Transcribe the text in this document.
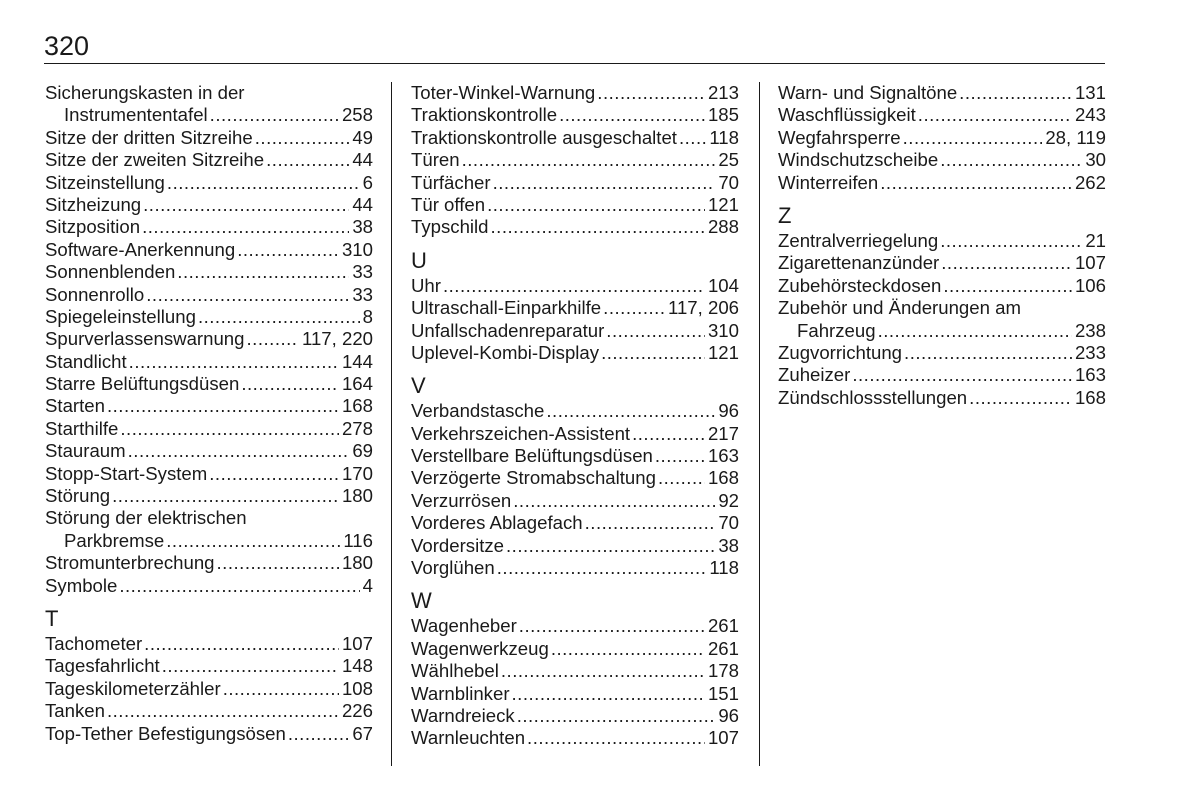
320
Sicherungskasten in der
Instrumententafel .....	258
Sitze der dritten Sitzreihe .....	49
Sitze der zweiten Sitzreihe .....	44
Sitzeinstellung .....	6
Sitzheizung .....	44
Sitzposition .....	38
Software-Anerkennung .....	310
Sonnenblenden .....	33
Sonnenrollo .....	33
Spiegeleinstellung .....	8
Spurverlassenswarnung .....	117, 220
Standlicht .....	144
Starre Belüftungsdüsen .....	164
Starten .....	168
Starthilfe .....	278
Stauraum .....	69
Stopp-Start-System .....	170
Störung .....	180
Störung der elektrischen
Parkbremse .....	116
Stromunterbrechung .....	180
Symbole .....	4
T
Tachometer .....	107
Tagesfahrlicht .....	148
Tageskilometerzähler .....	108
Tanken .....	226
Top-Tether Befestigungsösen .....	67
Toter-Winkel-Warnung .....	213
Traktionskontrolle .....	185
Traktionskontrolle ausgeschaltet ..... 118
Türen .....	25
Türfächer .....	70
Tür offen .....	121
Typschild .....	288
U
Uhr .....	104
Ultraschall-Einparkhilfe .....	117, 206
Unfallschadenreparatur .....	310
Uplevel-Kombi-Display .....	121
V
Verbandstasche .....	96
Verkehrszeichen-Assistent .....	217
Verstellbare Belüftungsdüsen .....	163
Verzögerte Stromabschaltung .....	168
Verzurrösen .....	92
Vorderes Ablagefach .....	70
Vordersitze .....	38
Vorglühen .....	118
W
Wagenheber .....	261
Wagenwerkzeug .....	261
Wählhebel .....	178
Warnblinker .....	151
Warndreieck .....	96
Warnleuchten .....	107
Warn- und Signaltöne .....	131
Waschflüssigkeit .....	243
Wegfahrsperre .....	28, 119
Windschutzscheibe .....	30
Winterreifen .....	262
Z
Zentralverriegelung .....	21
Zigarettenanzünder .....	107
Zubehörsteckdosen .....	106
Zubehör und Änderungen am
Fahrzeug .....	238
Zugvorrichtung .....	233
Zuheizer .....	163
Zündschlossstellungen .....	168
